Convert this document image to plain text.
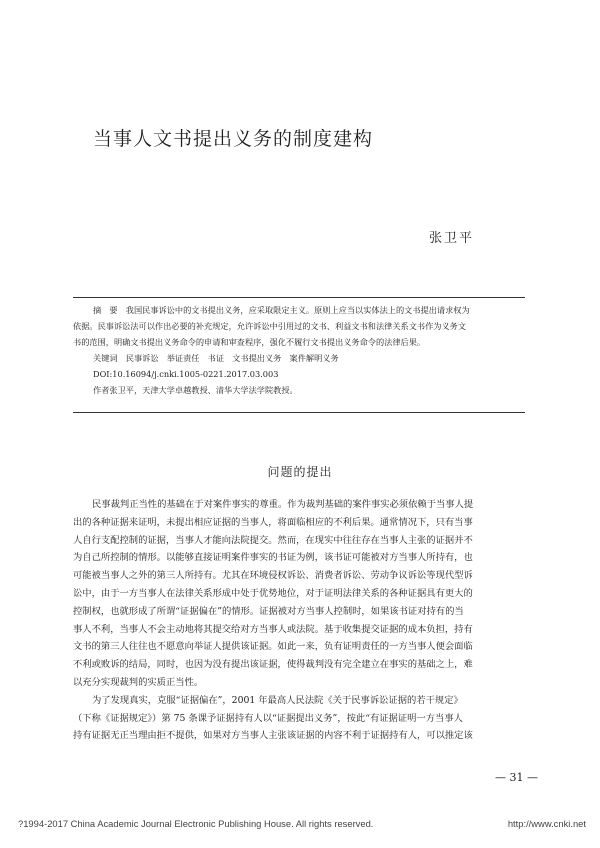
当事人文书提出义务的制度建构
张卫平
摘　要　 我国民事诉讼中的文书提出义务，应采取限定主义。原则上应当以实体法上的文书提出请求权为
依据。民事诉讼法可以作出必要的补充规定，允许诉讼中引用过的文书、利益文书和法律关系文书作为义务文
书的范围，明确文书提出义务命令的申请和审查程序，强化不履行文书提出义务命令的法律后果。
关键词　 民事诉讼　举证责任　书证　文书提出义务　案件解明义务
DOI:10.16094/j.cnki.1005-0221.2017.03.003
作者张卫平，天津大学卓越教授、清华大学法学院教授。
问题的提出
民事裁判正当性的基础在于对案件事实的尊重。作为裁判基础的案件事实必须依赖于当事人提
出的各种证据来证明，未提出相应证据的当事人，将面临相应的不利后果。通常情况下，只有当事
人自行支配控制的证据，当事人才能向法院提交。然而，在现实中往往存在当事人主张的证据并不
为自己所控制的情形。以能够直接证明案件事实的书证为例，该书证可能被对方当事人所持有，也
可能被当事人之外的第三人所持有。尤其在环境侵权诉讼、消费者诉讼、劳动争议诉讼等现代型诉
讼中，由于一方当事人在法律关系形成中处于优势地位，对于证明法律关系的各种证据具有更大的
控制权，也就形成了所谓“证据偏在”的情形。证据被对方当事人控制时，如果该书证对持有的当
事人不利，当事人不会主动地将其提交给对方当事人或法院。基于收集提交证据的成本负担，持有
文书的第三人往往也不愿意向举证人提供该证据。如此一来，负有证明责任的一方当事人便会面临
不利或败诉的结局，同时，也因为没有提出该证据，使得裁判没有完全建立在事实的基础之上，难
以充分实现裁判的实质正当性。
为了发现真实，克服“证据偏在”，2001 年最高人民法院《关于民事诉讼证据的若干规定》
（下称《证据规定》）第 75 条课予证据持有人以“证据提出义务”，按此“有证据证明一方当事人
持有证据无正当理由拒不提供，如果对方当事人主张该证据的内容不利于证据持有人，可以推定该
— 31 —
?1994-2017 China Academic Journal Electronic Publishing House. All rights reserved.	http://www.cnki.net
